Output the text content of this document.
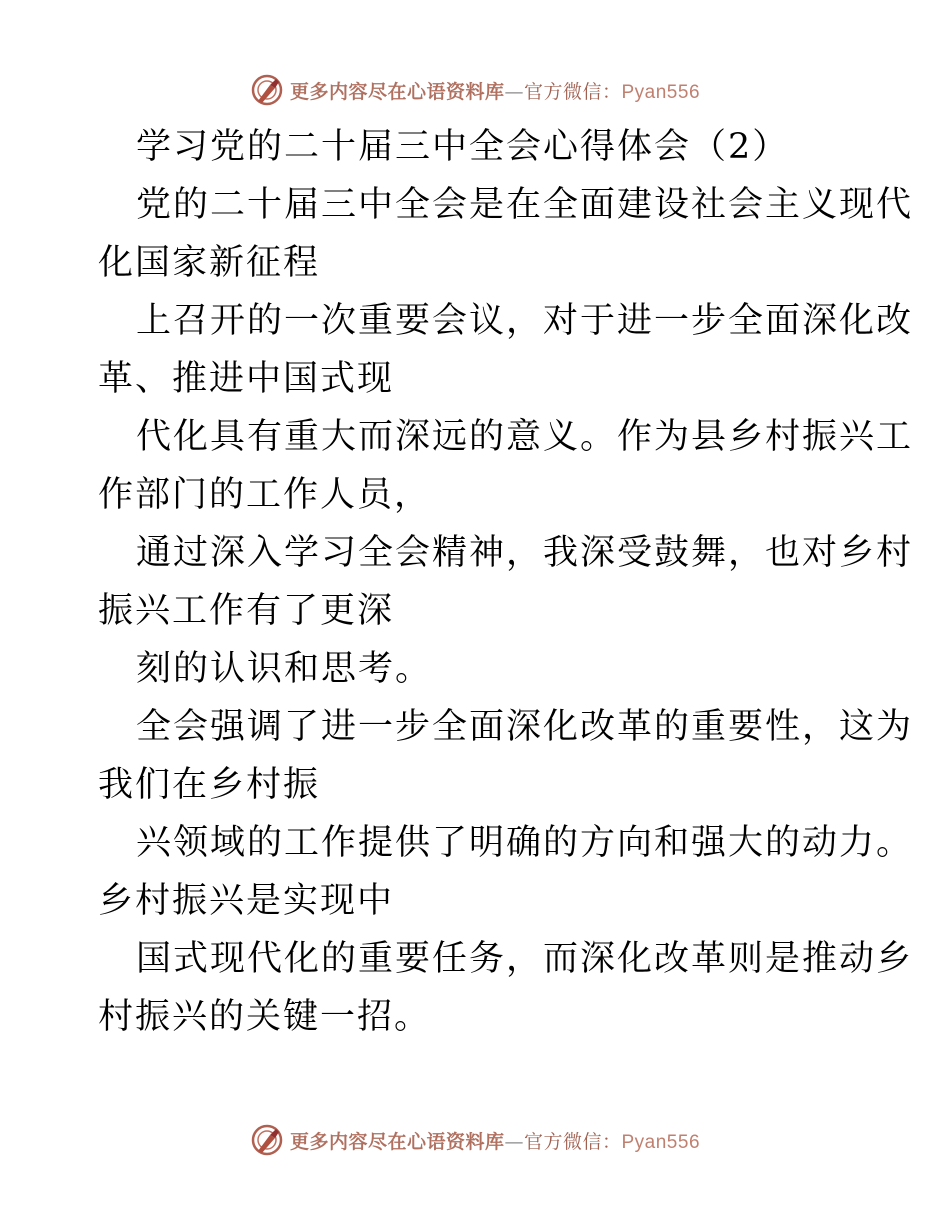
更多内容尽在心语资料库—官方微信：Pyan556
学习党的二十届三中全会心得体会（2）
党的二十届三中全会是在全面建设社会主义现代
化国家新征程
上召开的一次重要会议，对于进一步全面深化改
革、推进中国式现
代化具有重大而深远的意义。作为县乡村振兴工
作部门的工作人员，
通过深入学习全会精神，我深受鼓舞，也对乡村
振兴工作有了更深
刻的认识和思考。
全会强调了进一步全面深化改革的重要性，这为
我们在乡村振
兴领域的工作提供了明确的方向和强大的动力。
乡村振兴是实现中
国式现代化的重要任务，而深化改革则是推动乡
村振兴的关键一招。
更多内容尽在心语资料库—官方微信：Pyan556
